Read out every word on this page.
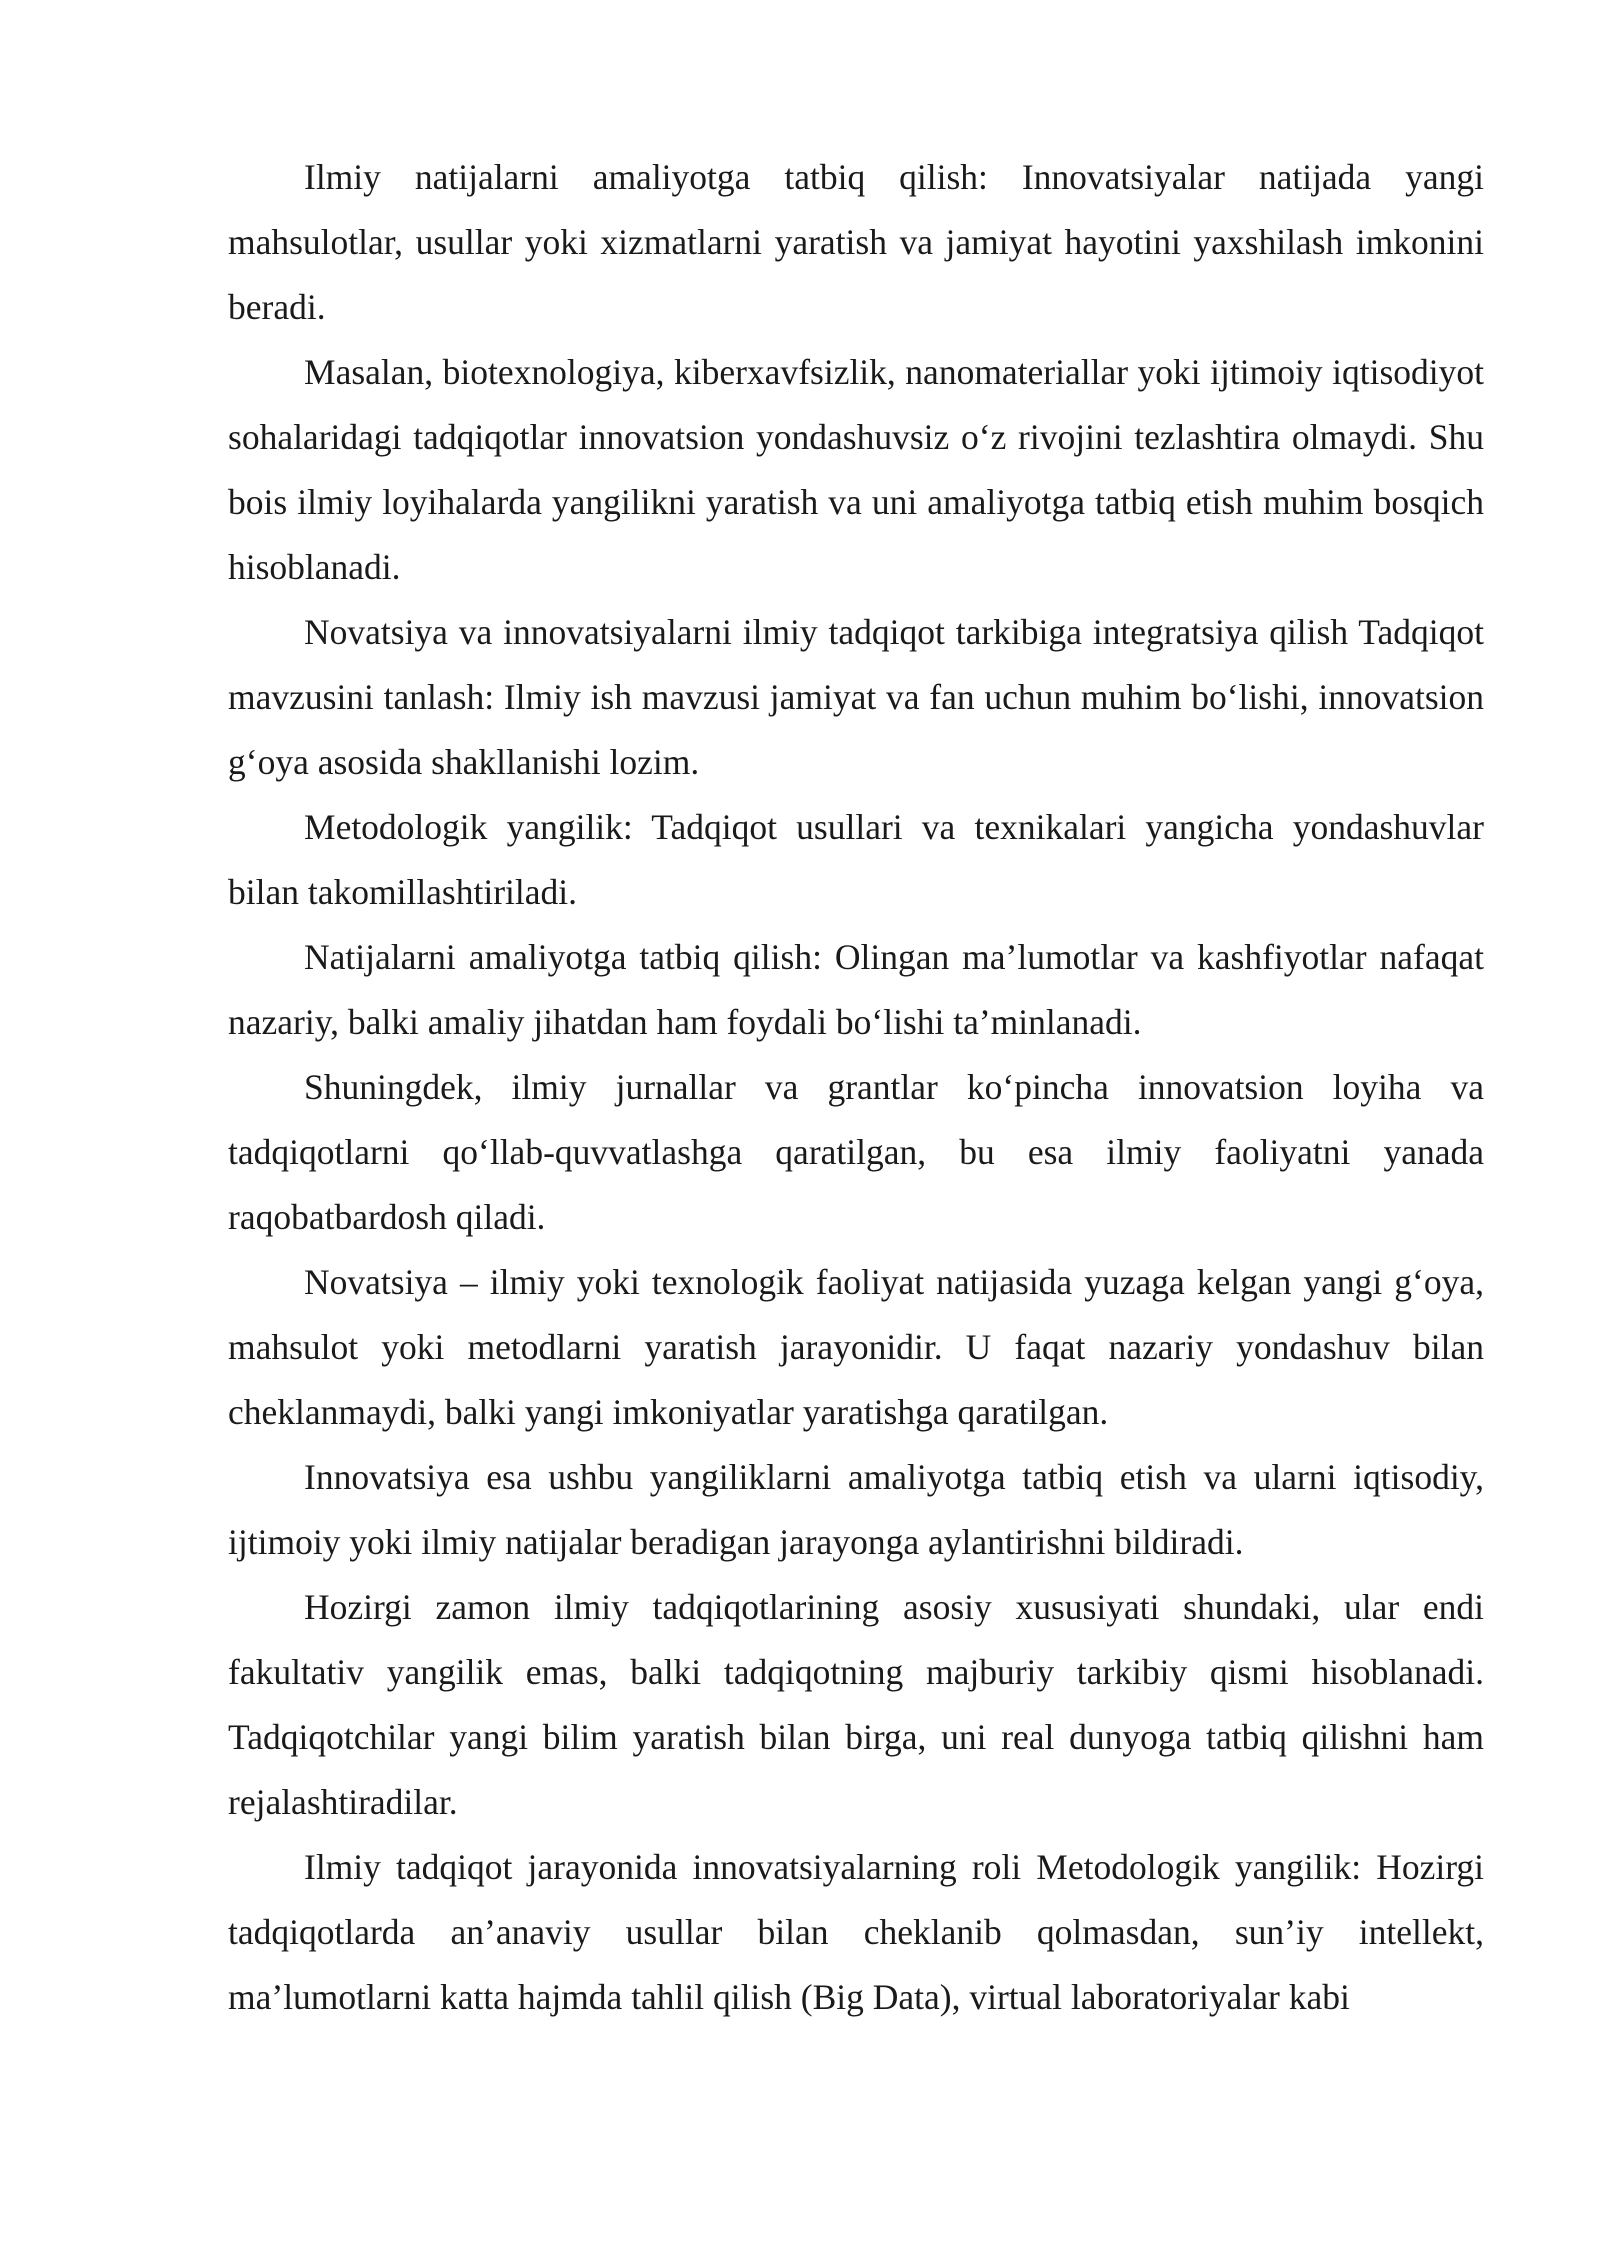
Ilmiy natijalarni amaliyotga tatbiq qilish: Innovatsiyalar natijada yangi mahsulotlar, usullar yoki xizmatlarni yaratish va jamiyat hayotini yaxshilash imkonini beradi.

Masalan, biotexnologiya, kiberxavfsizlik, nanomateriallar yoki ijtimoiy iqtisodiyot sohalaridagi tadqiqotlar innovatsion yondashuvsiz o‘z rivojini tezlashtira olmaydi. Shu bois ilmiy loyihalarda yangilikni yaratish va uni amaliyotga tatbiq etish muhim bosqich hisoblanadi.

Novatsiya va innovatsiyalarni ilmiy tadqiqot tarkibiga integratsiya qilish Tadqiqot mavzusini tanlash: Ilmiy ish mavzusi jamiyat va fan uchun muhim bo‘lishi, innovatsion g‘oya asosida shakllanishi lozim.

Metodologik yangilik: Tadqiqot usullari va texnikalari yangicha yondashuvlar bilan takomillashtiriladi.

Natijalarni amaliyotga tatbiq qilish: Olingan ma’lumotlar va kashfiyotlar nafaqat nazariy, balki amaliy jihatdan ham foydali bo‘lishi ta’minlanadi.

Shuningdek, ilmiy jurnallar va grantlar ko‘pincha innovatsion loyiha va tadqiqotlarni qo‘llab-quvvatlashga qaratilgan, bu esa ilmiy faoliyatni yanada raqobatbardosh qiladi.

Novatsiya – ilmiy yoki texnologik faoliyat natijasida yuzaga kelgan yangi g‘oya, mahsulot yoki metodlarni yaratish jarayonidir. U faqat nazariy yondashuv bilan cheklanmaydi, balki yangi imkoniyatlar yaratishga qaratilgan.

Innovatsiya esa ushbu yangiliklarni amaliyotga tatbiq etish va ularni iqtisodiy, ijtimoiy yoki ilmiy natijalar beradigan jarayonga aylantirishni bildiradi.

Hozirgi zamon ilmiy tadqiqotlarining asosiy xususiyati shundaki, ular endi fakultativ yangilik emas, balki tadqiqotning majburiy tarkibiy qismi hisoblanadi. Tadqiqotchilar yangi bilim yaratish bilan birga, uni real dunyoga tatbiq qilishni ham rejalashtiradilar.

Ilmiy tadqiqot jarayonida innovatsiyalarning roli Metodologik yangilik: Hozirgi tadqiqotlarda an’anaviy usullar bilan cheklanib qolmasdan, sun’iy intellekt, ma’lumotlarni katta hajmda tahlil qilish (Big Data), virtual laboratoriyalar kabi
